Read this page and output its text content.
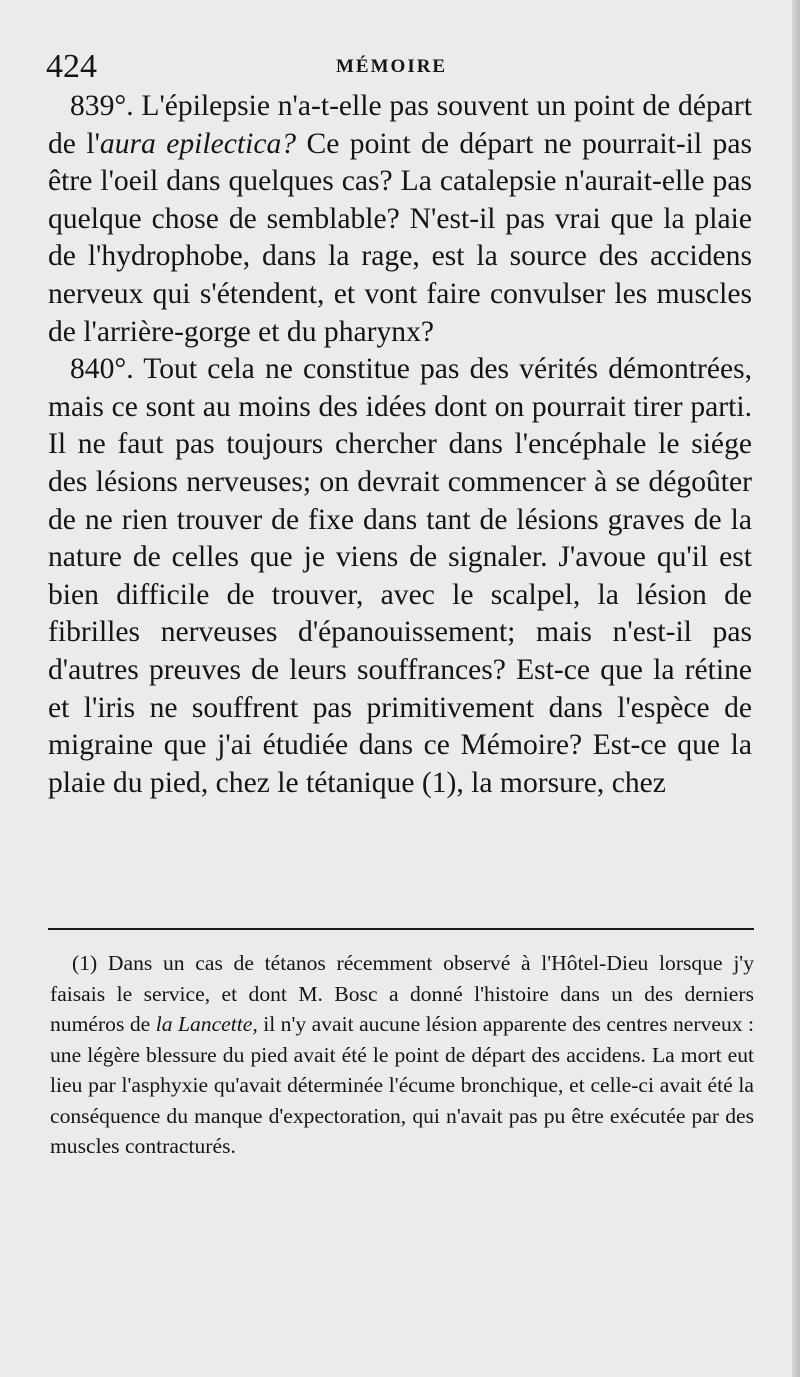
424	MÉMOIRE

839°. L'épilepsie n'a-t-elle pas souvent un point de départ de l'aura epilectica? Ce point de départ ne pourrait-il pas être l'oeil dans quelques cas? La catalepsie n'aurait-elle pas quelque chose de semblable? N'est-il pas vrai que la plaie de l'hydrophobe, dans la rage, est la source des accidens nerveux qui s'étendent, et vont faire convulser les muscles de l'arrière-gorge et du pharynx?

840°. Tout cela ne constitue pas des vérités démontrées, mais ce sont au moins des idées dont on pourrait tirer parti. Il ne faut pas toujours chercher dans l'encéphale le siége des lésions nerveuses; on devrait commencer à se dégoûter de ne rien trouver de fixe dans tant de lésions graves de la nature de celles que je viens de signaler. J'avoue qu'il est bien difficile de trouver, avec le scalpel, la lésion de fibrilles nerveuses d'épanouissement; mais n'est-il pas d'autres preuves de leurs souffrances? Est-ce que la rétine et l'iris ne souffrent pas primitivement dans l'espèce de migraine que j'ai étudiée dans ce Mémoire? Est-ce que la plaie du pied, chez le tétanique (1), la morsure, chez

(1) Dans un cas de tétanos récemment observé à l'Hôtel-Dieu lorsque j'y faisais le service, et dont M. Bosc a donné l'histoire dans un des derniers numéros de la Lancette, il n'y avait aucune lésion apparente des centres nerveux : une légère blessure du pied avait été le point de départ des accidens. La mort eut lieu par l'asphyxie qu'avait déterminée l'écume bronchique, et celle-ci avait été la conséquence du manque d'expectoration, qui n'avait pas pu être exécutée par des muscles contracturés.
